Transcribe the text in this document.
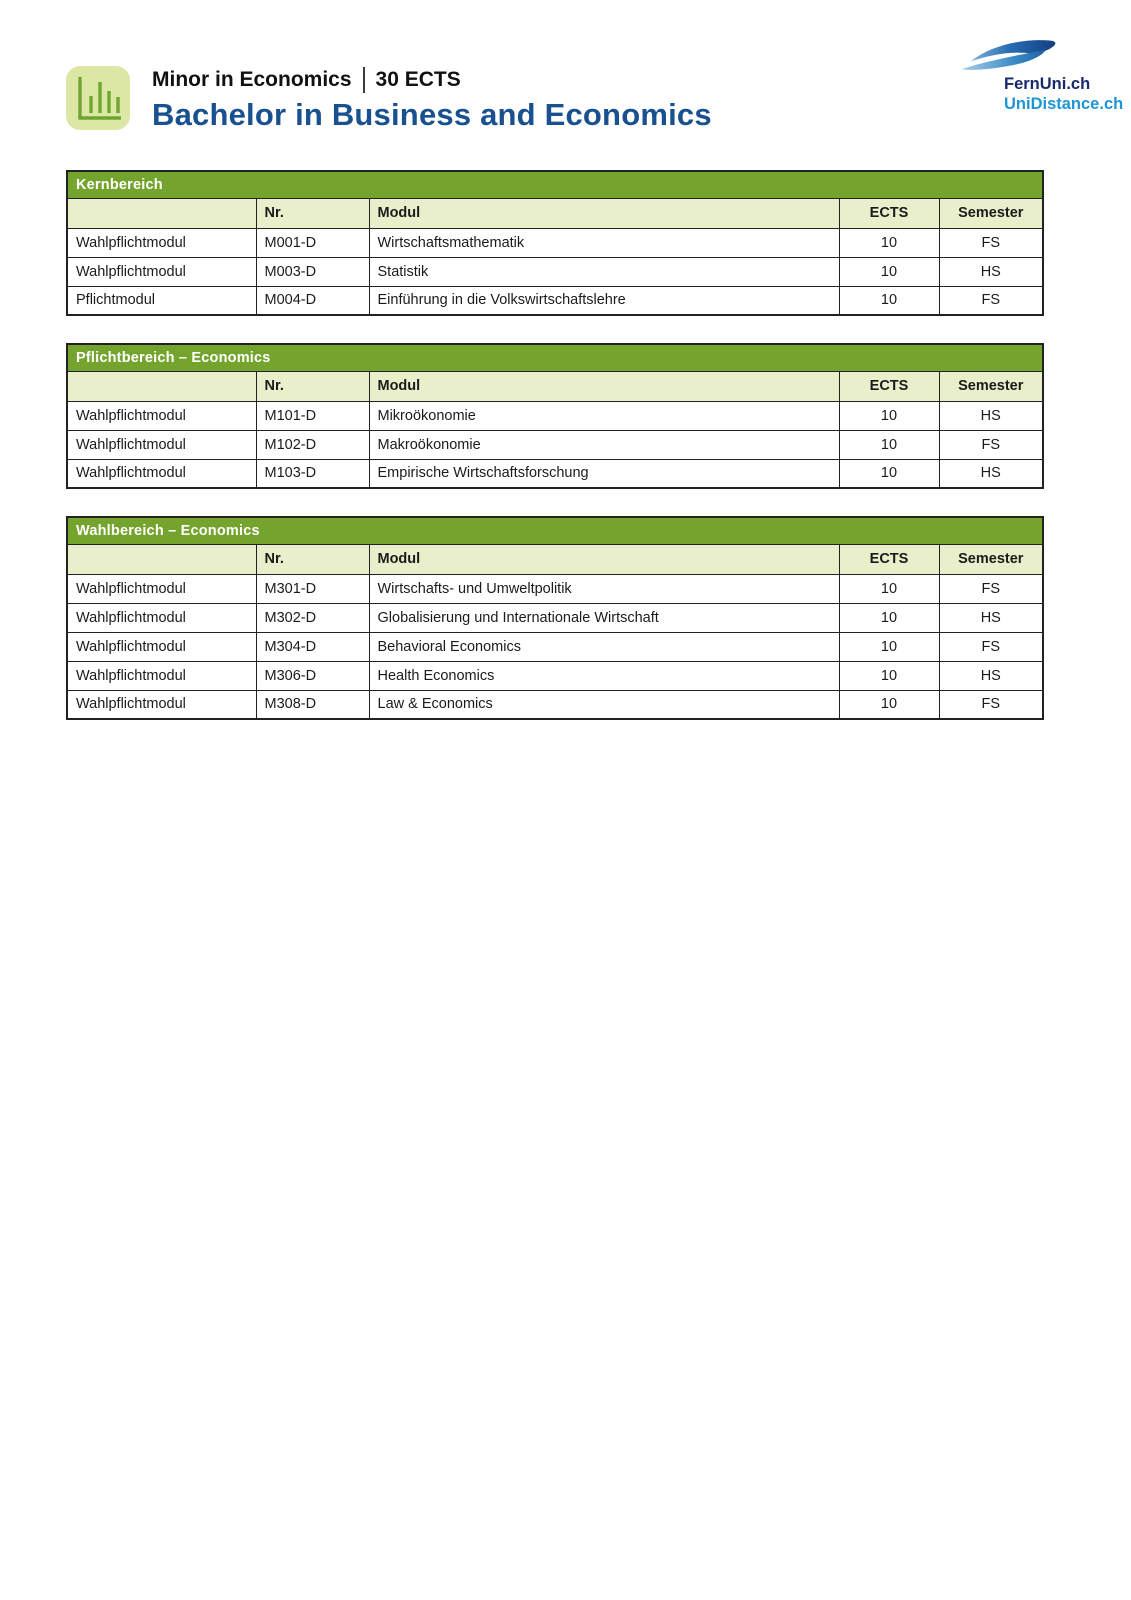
Minor in Economics 30 ECTS
Bachelor in Business and Economics
FernUni.ch
UniDistance.ch
Kernbereich				
	Nr.	Modul	ECTS	Semester
Wahlpflichtmodul	M001-D	Wirtschaftsmathematik	10	FS
Wahlpflichtmodul	M003-D	Statistik	10	HS
Pflichtmodul	M004-D	Einführung in die Volkswirtschaftslehre	10	FS
Pflichtbereich – Economics				
	Nr.	Modul	ECTS	Semester
Wahlpflichtmodul	M101-D	Mikroökonomie	10	HS
Wahlpflichtmodul	M102-D	Makroökonomie	10	FS
Wahlpflichtmodul	M103-D	Empirische Wirtschaftsforschung	10	HS
Wahlbereich – Economics				
	Nr.	Modul	ECTS	Semester
Wahlpflichtmodul	M301-D	Wirtschafts- und Umweltpolitik	10	FS
Wahlpflichtmodul	M302-D	Globalisierung und Internationale Wirtschaft	10	HS
Wahlpflichtmodul	M304-D	Behavioral Economics	10	FS
Wahlpflichtmodul	M306-D	Health Economics	10	HS
Wahlpflichtmodul	M308-D	Law & Economics	10	FS
